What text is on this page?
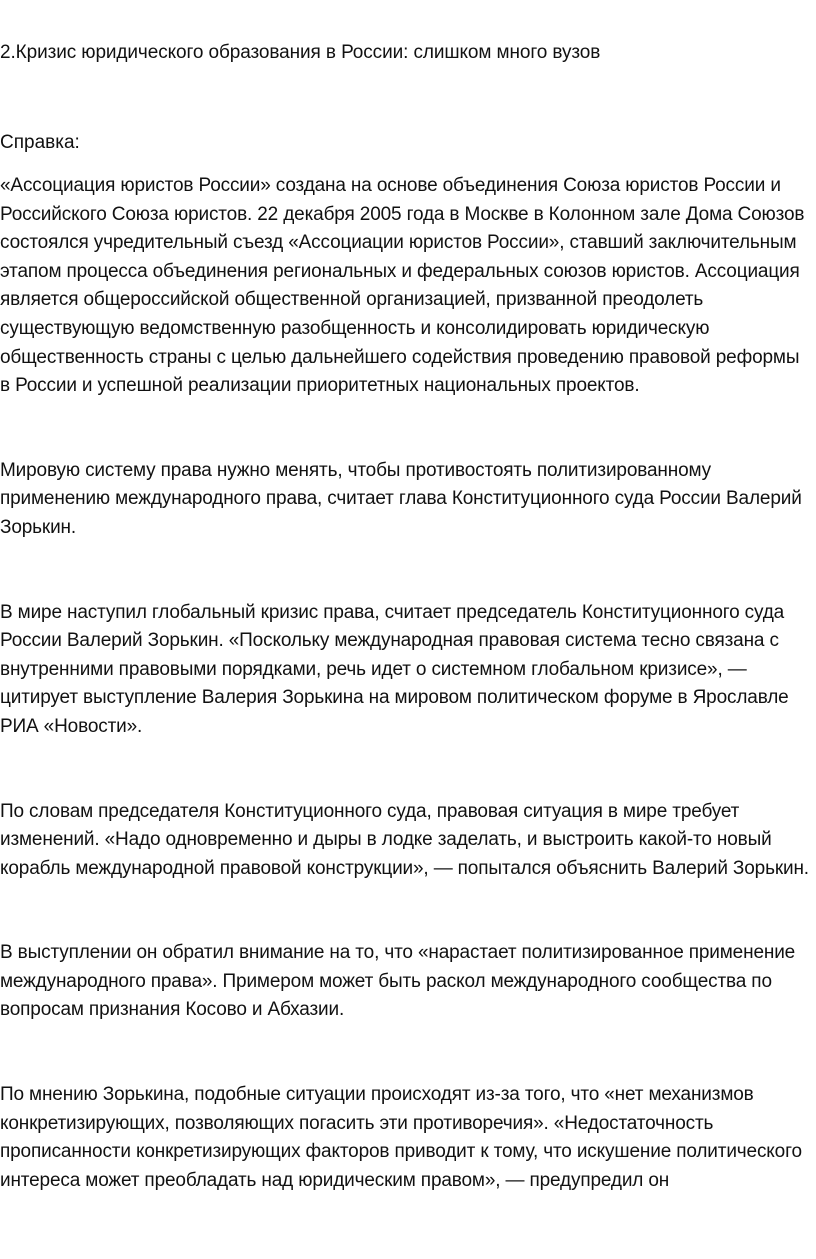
2.Кризис юридического образования в России: слишком много вузов

Справка:

«Ассоциация юристов России» создана на основе объединения Союза юристов России и Российского Союза юристов. 22 декабря 2005 года в Москве в Колонном зале Дома Союзов состоялся учредительный съезд «Ассоциации юристов России», ставший заключительным этапом процесса объединения региональных и федеральных союзов юристов. Ассоциация является общероссийской общественной организацией, призванной преодолеть существующую ведомственную разобщенность и консолидировать юридическую общественность страны с целью дальнейшего содействия проведению правовой реформы в России и успешной реализации приоритетных национальных проектов.

Мировую систему права нужно менять, чтобы противостоять политизированному применению международного права, считает глава Конституционного суда России Валерий Зорькин.

В мире наступил глобальный кризис права, считает председатель Конституционного суда России Валерий Зорькин. «Поскольку международная правовая система тесно связана с внутренними правовыми порядками, речь идет о системном глобальном кризисе», — цитирует выступление Валерия Зорькина на мировом политическом форуме в Ярославле РИА «Новости».

По словам председателя Конституционного суда, правовая ситуация в мире требует изменений. «Надо одновременно и дыры в лодке заделать, и выстроить какой-то новый корабль международной правовой конструкции», — попытался объяснить Валерий Зорькин.

В выступлении он обратил внимание на то, что «нарастает политизированное применение международного права». Примером может быть раскол международного сообщества по вопросам признания Косово и Абхазии.

По мнению Зорькина, подобные ситуации происходят из-за того, что «нет механизмов конкретизирующих, позволяющих погасить эти противоречия». «Недостаточность прописанности конкретизирующих факторов приводит к тому, что искушение политического интереса может преобладать над юридическим правом», — предупредил он
